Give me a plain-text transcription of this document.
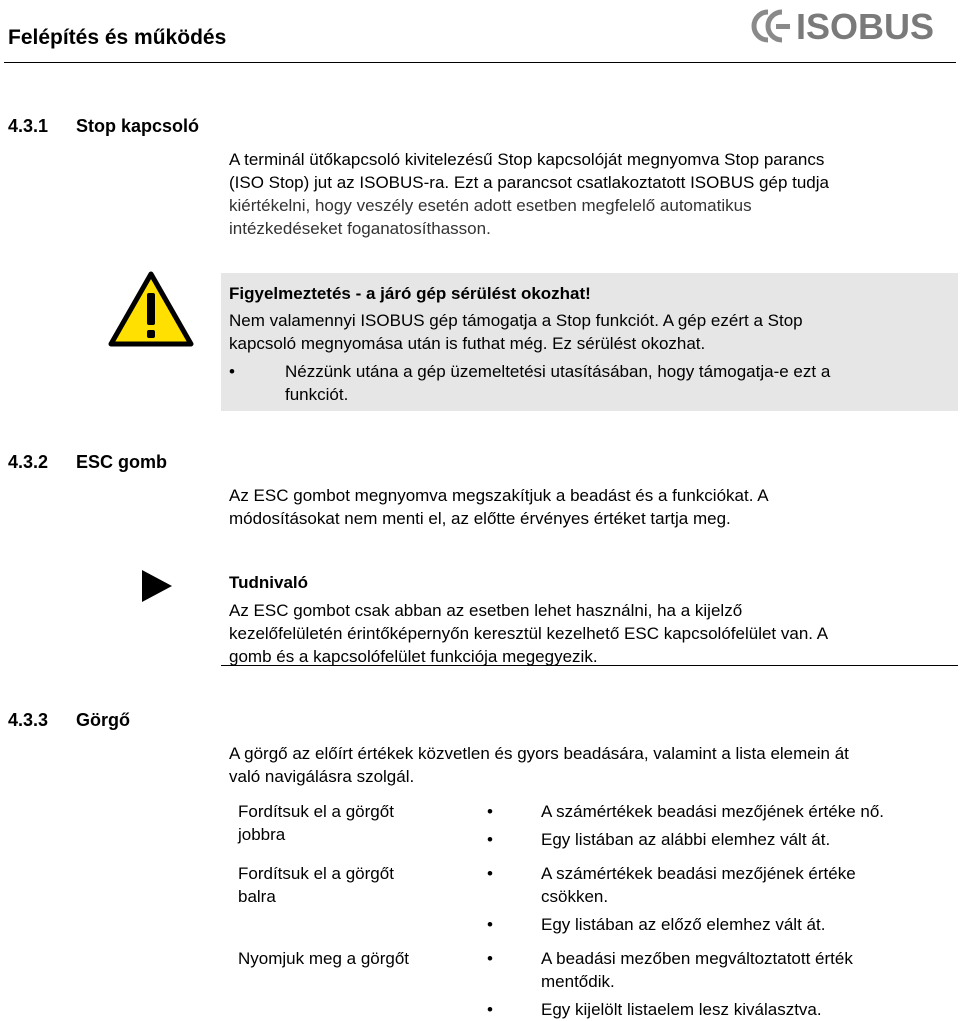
Felépítés és működés	ISOBUS
4.3.1 Stop kapcsoló
A terminál ütőkapcsoló kivitelezésű Stop kapcsolóját megnyomva Stop parancs
(ISO Stop) jut az ISOBUS-ra. Ezt a parancsot csatlakoztatott ISOBUS gép tudja
kiértékelni, hogy veszély esetén adott esetben megfelelő automatikus
intézkedéseket foganatosíthasson.
Figyelmeztetés - a járó gép sérülést okozhat!
Nem valamennyi ISOBUS gép támogatja a Stop funkciót. A gép ezért a Stop
kapcsoló megnyomása után is futhat még. Ez sérülést okozhat.
•	Nézzünk utána a gép üzemeltetési utasításában, hogy támogatja-e ezt a
funkciót.
4.3.2 ESC gomb
Az ESC gombot megnyomva megszakítjuk a beadást és a funkciókat. A
módosításokat nem menti el, az előtte érvényes értéket tartja meg.
Tudnivaló
Az ESC gombot csak abban az esetben lehet használni, ha a kijelző
kezelőfelületén érintőképernyőn keresztül kezelhető ESC kapcsolófelület van. A
gomb és a kapcsolófelület funkciója megegyezik.
4.3.3 Görgő
A görgő az előírt értékek közvetlen és gyors beadására, valamint a lista elemein át
való navigálásra szolgál.
Fordítsuk el a görgőt
jobbra
•	A számértékek beadási mezőjének értéke nő.
•	Egy listában az alábbi elemhez vált át.
Fordítsuk el a görgőt
balra
•	A számértékek beadási mezőjének értéke
csökken.
•	Egy listában az előző elemhez vált át.
Nyomjuk meg a görgőt	•	A beadási mezőben megváltoztatott érték
mentődik.
•	Egy kijelölt listaelem lesz kiválasztva.
